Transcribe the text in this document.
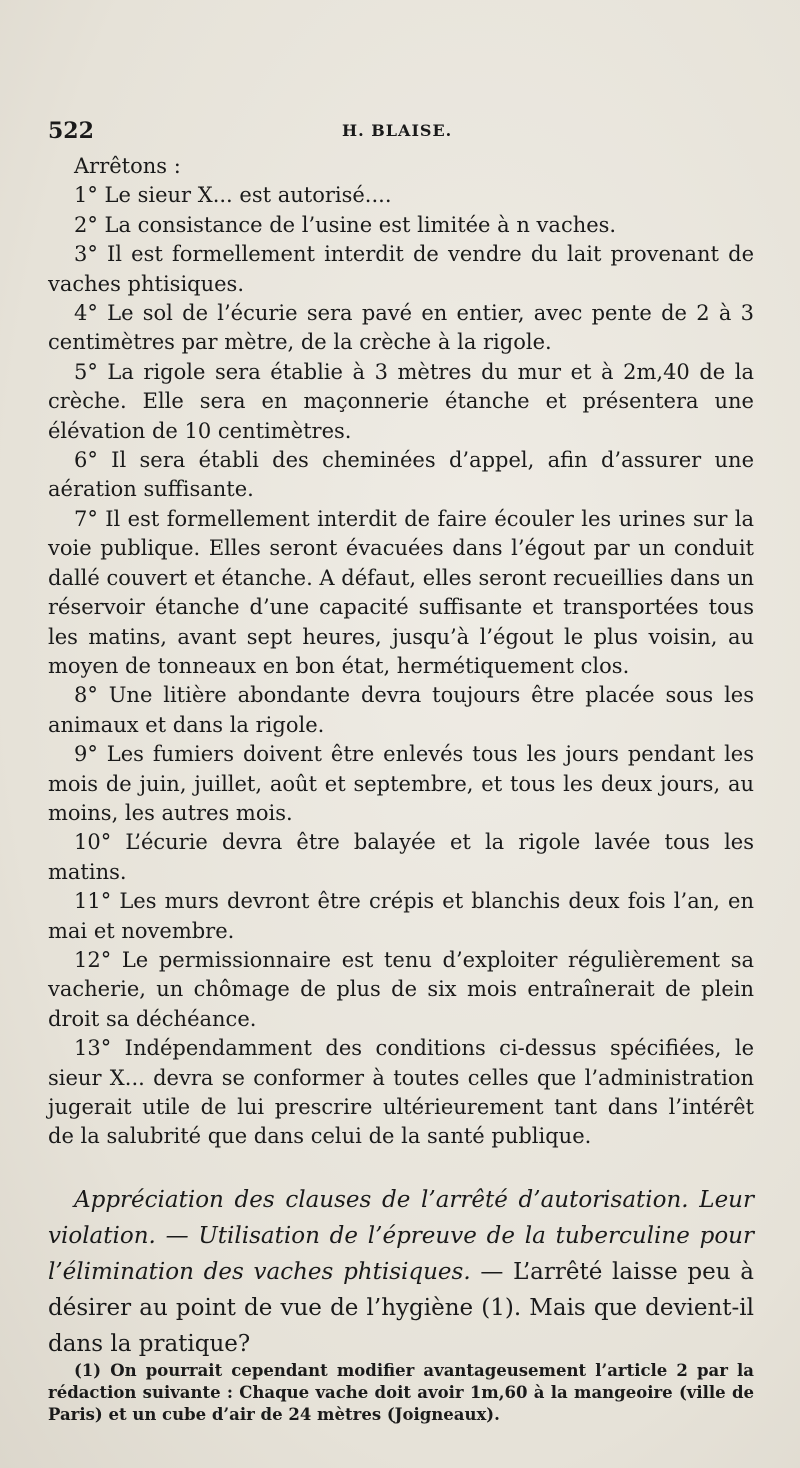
522	H. BLAISE.

Arrêtons :

1° Le sieur X... est autorisé....

2° La consistance de l’usine est limitée à n vaches.

3° Il est formellement interdit de vendre du lait provenant de vaches phtisiques.

4° Le sol de l’écurie sera pavé en entier, avec pente de 2 à 3 centimètres par mètre, de la crèche à la rigole.

5° La rigole sera établie à 3 mètres du mur et à 2m,40 de la crèche. Elle sera en maçonnerie étanche et présentera une élévation de 10 centimètres.

6° Il sera établi des cheminées d’appel, afin d’assurer une aération suffisante.

7° Il est formellement interdit de faire écouler les urines sur la voie publique. Elles seront évacuées dans l’égout par un conduit dallé couvert et étanche. A défaut, elles seront recueillies dans un réservoir étanche d’une capacité suffisante et transportées tous les matins, avant sept heures, jusqu’à l’égout le plus voisin, au moyen de tonneaux en bon état, hermétiquement clos.

8° Une litière abondante devra toujours être placée sous les animaux et dans la rigole.

9° Les fumiers doivent être enlevés tous les jours pendant les mois de juin, juillet, août et septembre, et tous les deux jours, au moins, les autres mois.

10° L’écurie devra être balayée et la rigole lavée tous les matins.

11° Les murs devront être crépis et blanchis deux fois l’an, en mai et novembre.

12° Le permissionnaire est tenu d’exploiter régulièrement sa vacherie, un chômage de plus de six mois entraînerait de plein droit sa déchéance.

13° Indépendamment des conditions ci-dessus spécifiées, le sieur X... devra se conformer à toutes celles que l’administration jugerait utile de lui prescrire ultérieurement tant dans l’intérêt de la salubrité que dans celui de la santé publique.

Appréciation des clauses de l’arrêté d’autorisation. Leur violation. — Utilisation de l’épreuve de la tuberculine pour l’élimination des vaches phtisiques. — L’arrêté laisse peu à désirer au point de vue de l’hygiène (1). Mais que devient-il dans la pratique?

(1) On pourrait cependant modifier avantageusement l’article 2 par la rédaction suivante : Chaque vache doit avoir 1m,60 à la mangeoire (ville de Paris) et un cube d’air de 24 mètres (Joigneaux).
